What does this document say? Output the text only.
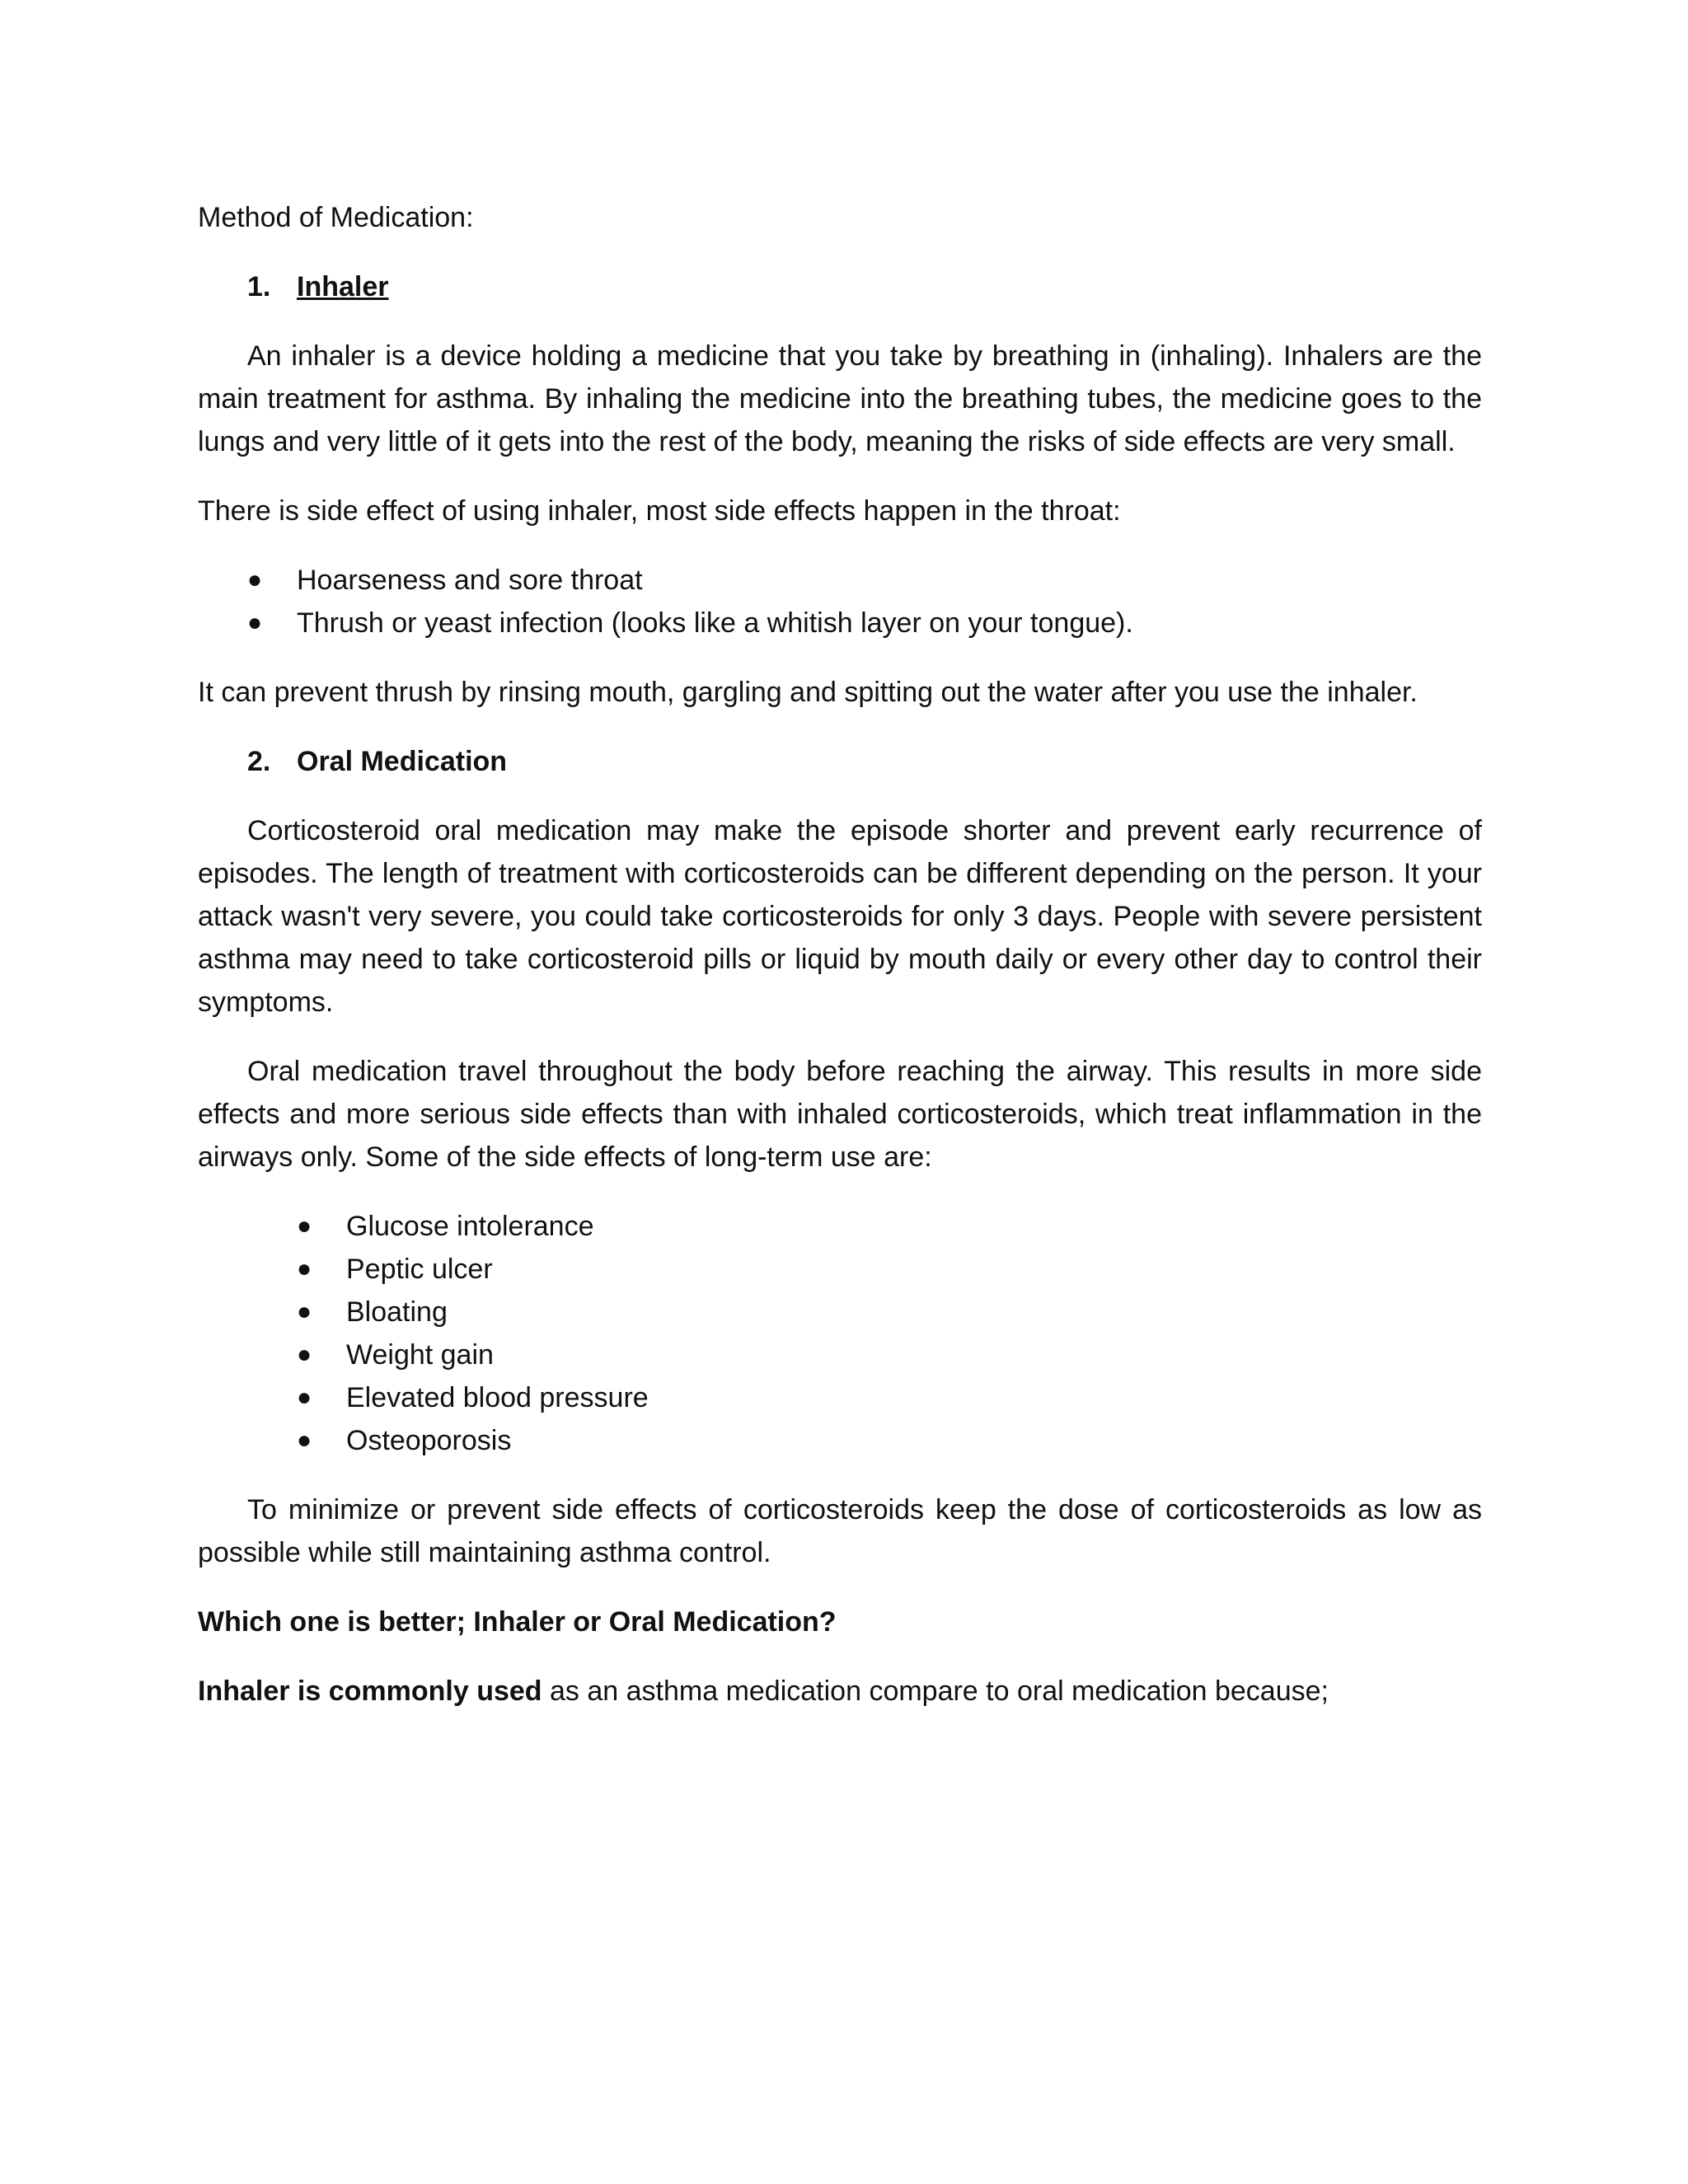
Method of Medication:

1. Inhaler

An inhaler is a device holding a medicine that you take by breathing in (inhaling). Inhalers are the main treatment for asthma. By inhaling the medicine into the breathing tubes, the medicine goes to the lungs and very little of it gets into the rest of the body, meaning the risks of side effects are very small.

There is side effect of using inhaler, most side effects happen in the throat:

●	Hoarseness and sore throat
●	Thrush or yeast infection (looks like a whitish layer on your tongue).

It can prevent thrush by rinsing mouth, gargling and spitting out the water after you use the inhaler.

2. Oral Medication

Corticosteroid oral medication may make the episode shorter and prevent early recurrence of episodes. The length of treatment with corticosteroids can be different depending on the person. It your attack wasn't very severe, you could take corticosteroids for only 3 days. People with severe persistent asthma may need to take corticosteroid pills or liquid by mouth daily or every other day to control their symptoms.

Oral medication travel throughout the body before reaching the airway. This results in more side effects and more serious side effects than with inhaled corticosteroids, which treat inflammation in the airways only. Some of the side effects of long-term use are:

●	Glucose intolerance
●	Peptic ulcer
●	Bloating
●	Weight gain
●	Elevated blood pressure
●	Osteoporosis

To minimize or prevent side effects of corticosteroids keep the dose of corticosteroids as low as possible while still maintaining asthma control.

Which one is better; Inhaler or Oral Medication?

Inhaler is commonly used as an asthma medication compare to oral medication because;
